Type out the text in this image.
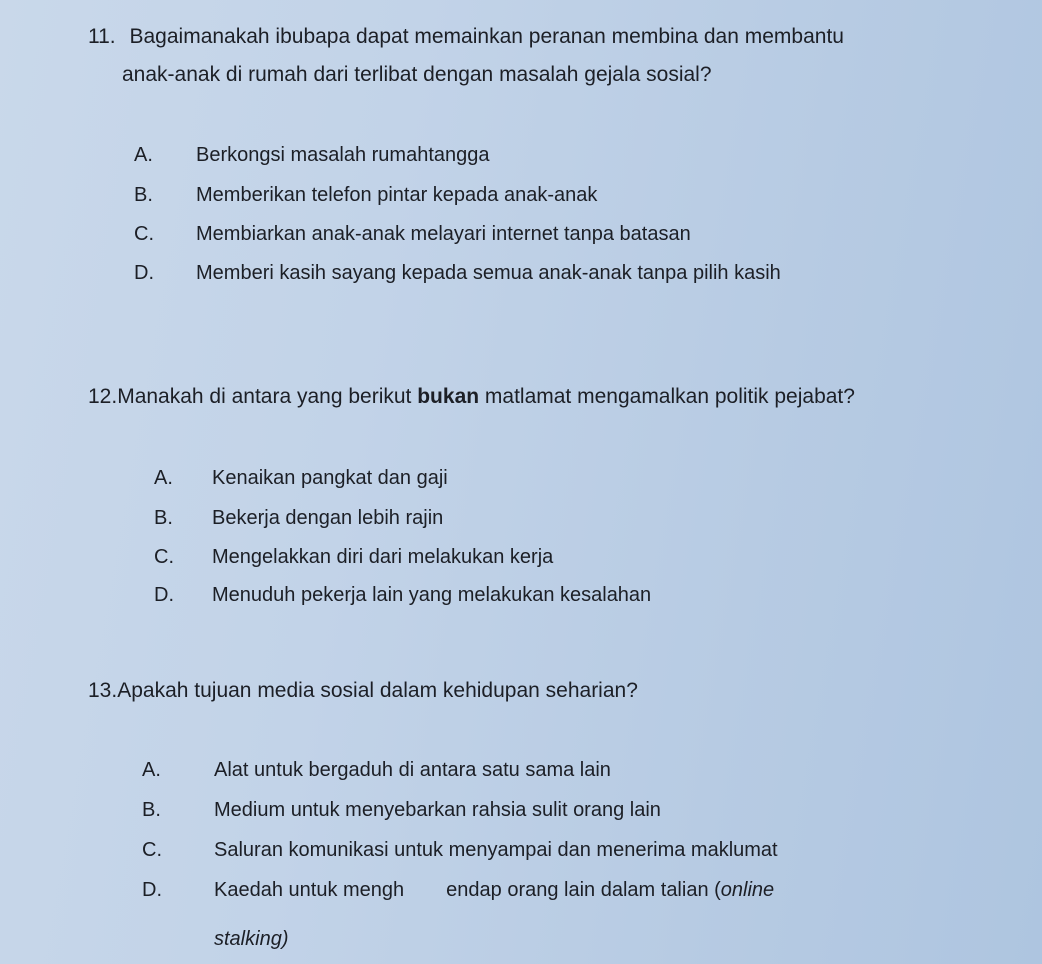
11. Bagaimanakah ibubapa dapat memainkan peranan membina dan membantu
anak-anak di rumah dari terlibat dengan masalah gejala sosial?
A. Berkongsi masalah rumahtangga
B. Memberikan telefon pintar kepada anak-anak
C. Membiarkan anak-anak melayari internet tanpa batasan
D. Memberi kasih sayang kepada semua anak-anak tanpa pilih kasih
12.Manakah di antara yang berikut bukan matlamat mengamalkan politik pejabat?
A. Kenaikan pangkat dan gaji
B. Bekerja dengan lebih rajin
C. Mengelakkan diri dari melakukan kerja
D. Menuduh pekerja lain yang melakukan kesalahan
13.Apakah tujuan media sosial dalam kehidupan seharian?
A.	Alat untuk bergaduh di antara satu sama lain
B.	Medium untuk menyebarkan rahsia sulit orang lain
C.	Saluran komunikasi untuk menyampai dan menerima maklumat
D.	Kaedah untuk mengh endap orang lain dalam talian (online
stalking)
